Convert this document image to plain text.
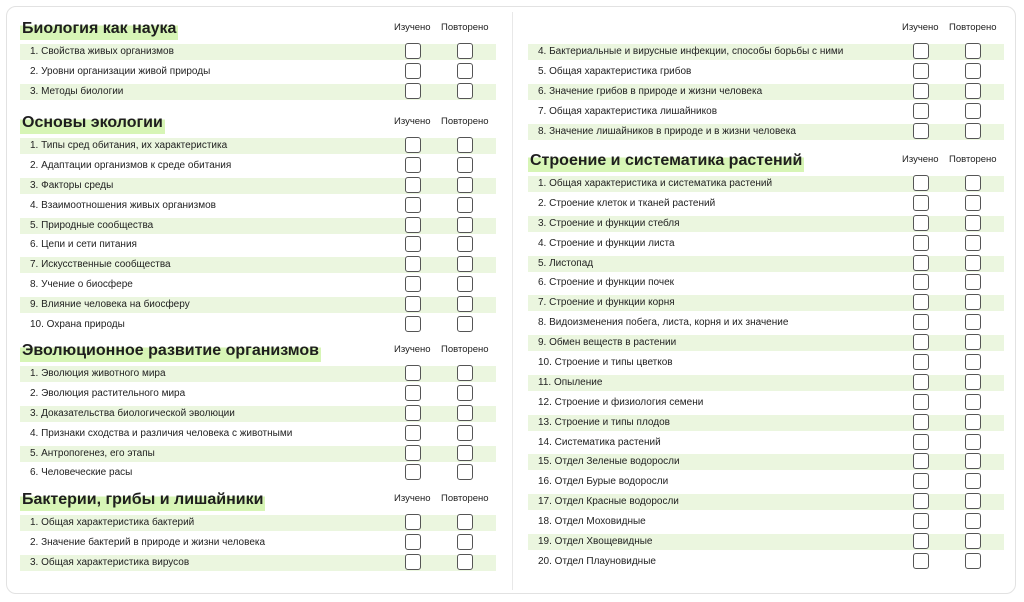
Биология как наука	Изучено Повторено
1. Свойства живых организмов
2. Уровни организации живой природы
3. Методы биологии
Основы экологии	Изучено Повторено
1. Типы сред обитания, их характеристика
2. Адаптации организмов к среде обитания
3. Факторы среды
4. Взаимоотношения живых организмов
5. Природные сообщества
6. Цепи и сети питания
7. Искусственные сообщества
8. Учение о биосфере
9. Влияние человека на биосферу
10. Охрана природы
Эволюционное развитие организмов	Изучено Повторено
1. Эволюция животного мира
2. Эволюция растительного мира
3. Доказательства биологической эволюции
4. Признаки сходства и различия человека с животными
5. Антропогенез, его этапы
6. Человеческие расы
Бактерии, грибы и лишайники	Изучено Повторено
1. Общая характеристика бактерий
2. Значение бактерий в природе и жизни человека
3. Общая характеристика вирусов
Изучено Повторено
4. Бактериальные и вирусные инфекции, способы борьбы с ними
5. Общая характеристика грибов
6. Значение грибов в природе и жизни человека
7. Общая характеристика лишайников
8. Значение лишайников в природе и в жизни человека
Строение и систематика растений	Изучено Повторено
1. Общая характеристика и систематика растений
2. Строение клеток и тканей растений
3. Строение и функции стебля
4. Строение и функции листа
5. Листопад
6. Строение и функции почек
7. Строение и функции корня
8. Видоизменения побега, листа, корня и их значение
9. Обмен веществ в растении
10. Строение и типы цветков
11. Опыление
12. Строение и физиология семени
13. Строение и типы плодов
14. Систематика растений
15. Отдел Зеленые водоросли
16. Отдел Бурые водоросли
17. Отдел Красные водоросли
18. Отдел Моховидные
19. Отдел Хвощевидные
20. Отдел Плауновидные
